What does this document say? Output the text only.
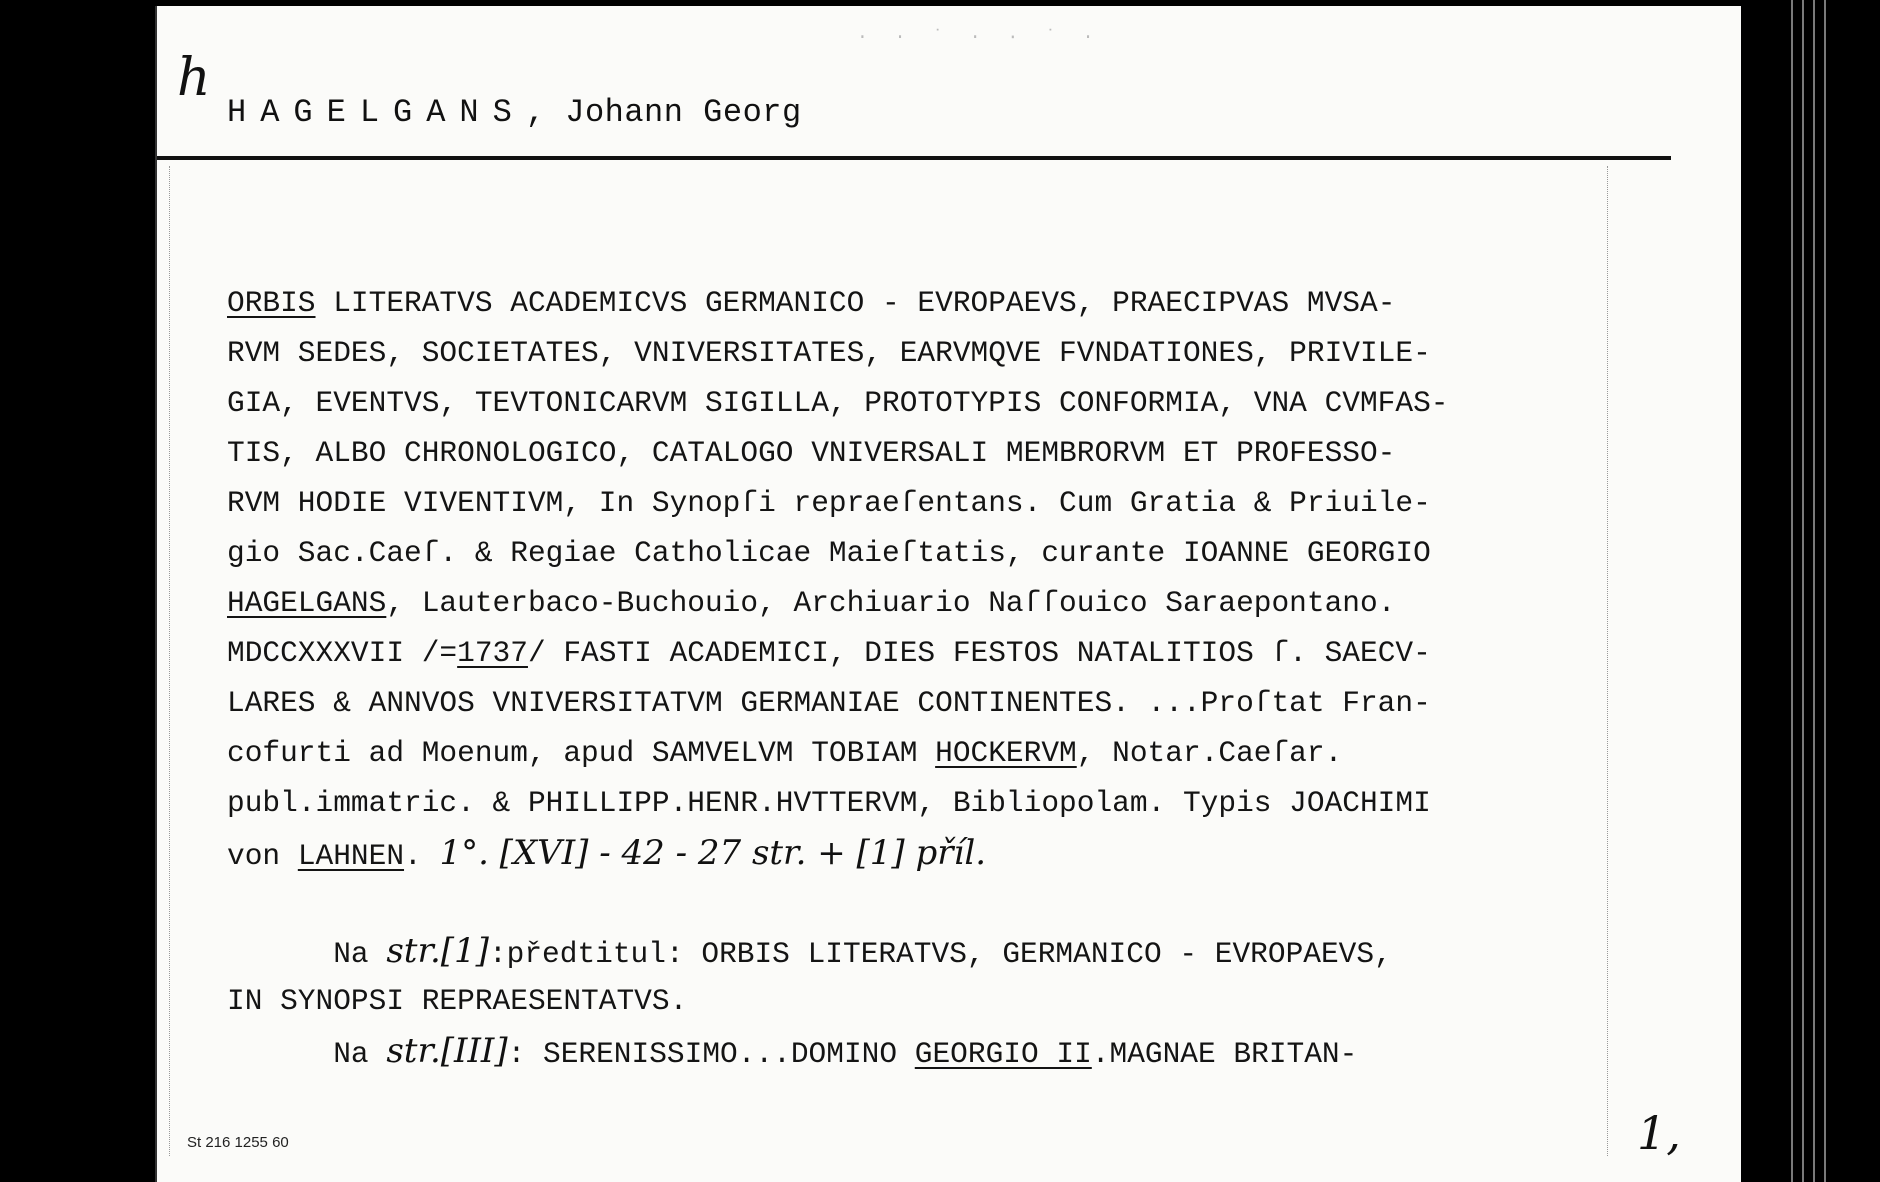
· · ˙ · ∙ ˙ ·
h
HAGELGANS, Johann Georg
ORBIS LITERATVS ACADEMICVS GERMANICO - EVROPAEVS, PRAECIPVAS MVSA-
RVM SEDES, SOCIETATES, VNIVERSITATES, EARVMQVE FVNDATIONES, PRIVILE-
GIA, EVENTVS, TEVTONICARVM SIGILLA, PROTOTYPIS CONFORMIA, VNA CVMFAS-
TIS, ALBO CHRONOLOGICO, CATALOGO VNIVERSALI MEMBRORVM ET PROFESSO-
RVM HODIE VIVENTIVM, In Synopſi repraeſentans. Cum Gratia & Priuile-
gio Sac.Caeſ. & Regiae Catholicae Maieſtatis, curante IOANNE GEORGIO
HAGELGANS, Lauterbaco-Buchouio, Archiuario Naſſouico Saraepontano.
MDCCXXXVII /=1737/ FASTI ACADEMICI, DIES FESTOS NATALITIOS ſ. SAECV-
LARES & ANNVOS VNIVERSITATVM GERMANIAE CONTINENTES. ...Proſtat Fran-
cofurti ad Moenum, apud SAMVELVM TOBIAM HOCKERVM, Notar.Caeſar.
publ.immatric. & PHILLIPP.HENR.HVTTERVM, Bibliopolam. Typis JOACHIMI
von LAHNEN. 1°. [XVI] - 42 - 27 str. + [1] příl.
Na str.[1]:předtitul: ORBIS LITERATVS, GERMANICO - EVROPAEVS,
IN SYNOPSI REPRAESENTATVS.
Na str.[III]: SERENISSIMO...DOMINO GEORGIO II.MAGNAE BRITAN-
St 216 1255 60	1,
